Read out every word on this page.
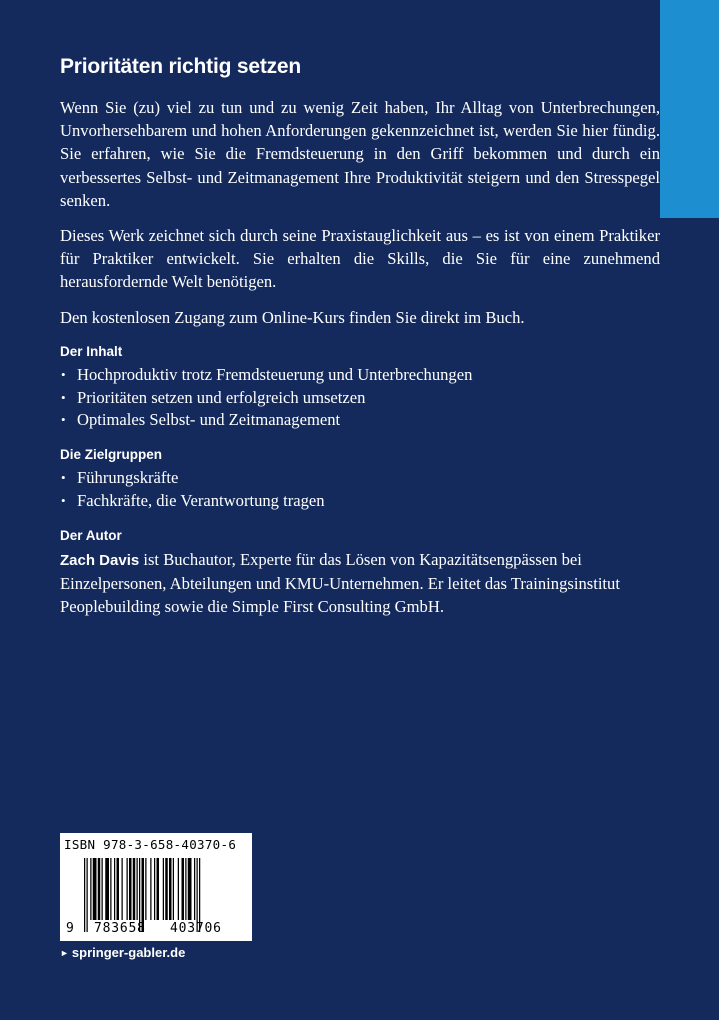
Prioritäten richtig setzen

Wenn Sie (zu) viel zu tun und zu wenig Zeit haben, Ihr Alltag von Unterbrechungen, Unvorhersehbarem und hohen Anforderungen gekennzeichnet ist, werden Sie hier fündig. Sie erfahren, wie Sie die Fremdsteuerung in den Griff bekommen und durch ein verbessertes Selbst- und Zeitmanagement Ihre Produktivität steigern und den Stresspegel senken.

Dieses Werk zeichnet sich durch seine Praxistauglichkeit aus – es ist von einem Praktiker für Praktiker entwickelt. Sie erhalten die Skills, die Sie für eine zunehmend herausfordernde Welt benötigen.

Den kostenlosen Zugang zum Online-Kurs finden Sie direkt im Buch.

Der Inhalt
• Hochproduktiv trotz Fremdsteuerung und Unterbrechungen
• Prioritäten setzen und erfolgreich umsetzen
• Optimales Selbst- und Zeitmanagement
Die Zielgruppen
• Führungskräfte
• Fachkräfte, die Verantwortung tragen
Der Autor

Zach Davis ist Buchautor, Experte für das Lösen von Kapazitätsengpässen bei Einzelpersonen, Abteilungen und KMU-Unternehmen. Er leitet das Trainingsinstitut Peoplebuilding sowie die Simple First Consulting GmbH.

ISBN 978-3-658-40370-6
9 783658 403706
► springer-gabler.de
